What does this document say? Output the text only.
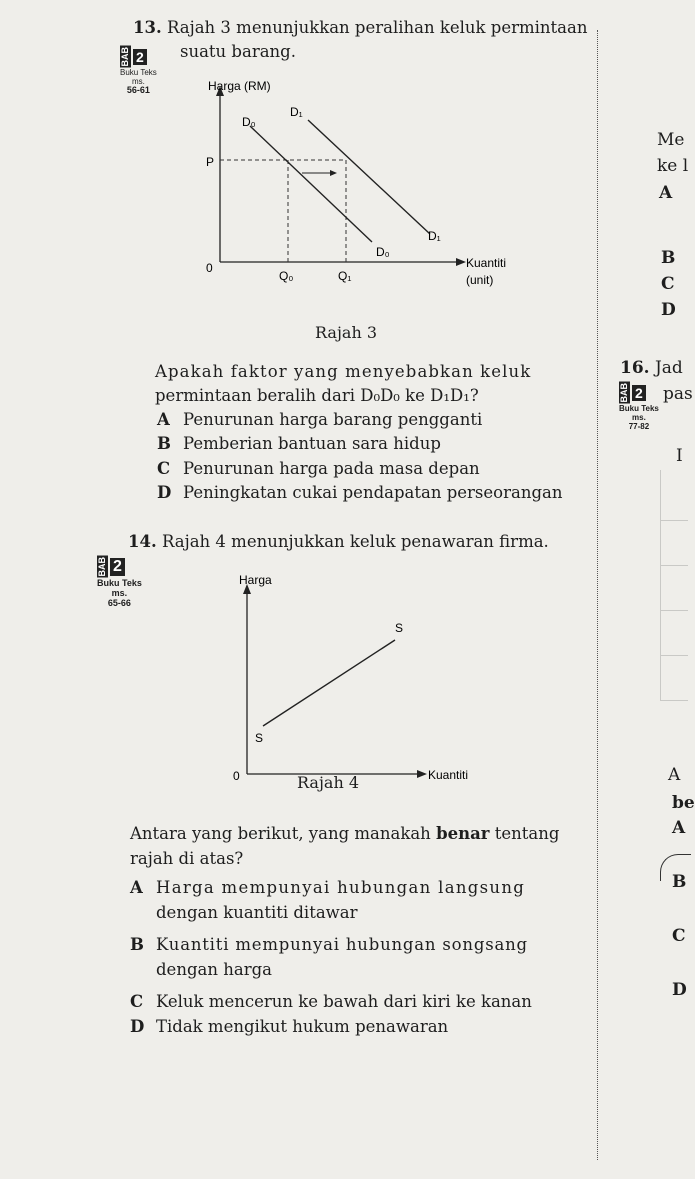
13. Rajah 3 menunjukkan peralihan keluk permintaan
suatu barang.
BAB 2
Buku Teks
ms.
56-61	Harga (RM)
Kuantiti
(unit)
0
P
D₀
D₁
D₀
D₁
Q₀	Q₁
Rajah 3
Apakah faktor yang menyebabkan keluk
permintaan beralih dari D₀D₀ ke D₁D₁?
A Penurunan harga barang pengganti
B Pemberian bantuan sara hidup
C Penurunan harga pada masa depan
D Peningkatan cukai pendapatan perseorangan
14. Rajah 4 menunjukkan keluk penawaran firma.
BAB 2
Buku Teks
ms.
65-66
Harga
Kuantiti
0
S
S
Rajah 4
Antara yang berikut, yang manakah benar tentang
rajah di atas?
A Harga mempunyai hubungan langsung
dengan kuantiti ditawar
B Kuantiti mempunyai hubungan songsang
dengan harga
C Keluk mencerun ke bawah dari kiri ke kanan
D Tidak mengikut hukum penawaran
Me
ke l
A
B
C
D
16. Jad
BAB 2
Buku Teks
ms.
77-82
pas
I
A
be
A
B
C
D
